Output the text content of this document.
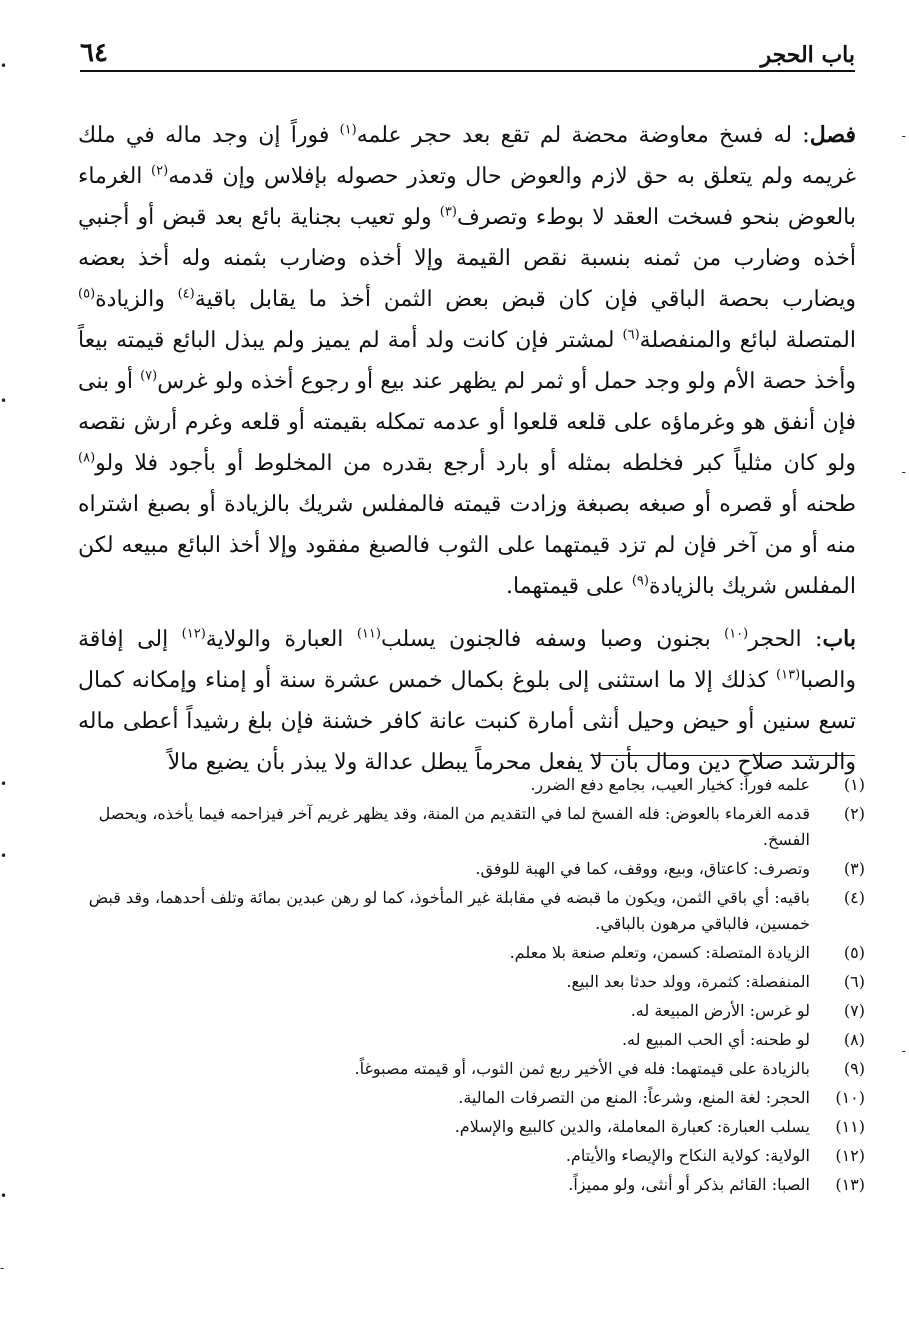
•
-
•
-
•
•
-
•
-
٦٤	باب الحجر

فصل: له فسخ معاوضة محضة لم تقع بعد حجر علمه$^{(١)}$ فوراً إن وجد ماله في ملك غريمه ولم يتعلق به حق لازم والعوض حال وتعذر حصوله بإفلاس وإن قدمه$^{(٢)}$ الغرماء بالعوض بنحو فسخت العقد لا بوطء وتصرف$^{(٣)}$ ولو تعيب بجناية بائع بعد قبض أو أجنبي أخذه وضارب من ثمنه بنسبة نقص القيمة وإلا أخذه وضارب بثمنه وله أخذ بعضه ويضارب بحصة الباقي فإن كان قبض بعض الثمن أخذ ما يقابل باقية$^{(٤)}$ والزيادة$^{(٥)}$ المتصلة لبائع والمنفصلة$^{(٦)}$ لمشتر فإن كانت ولد أمة لم يميز ولم يبذل البائع قيمته بيعاً وأخذ حصة الأم ولو وجد حمل أو ثمر لم يظهر عند بيع أو رجوع أخذه ولو غرس$^{(٧)}$ أو بنى فإن أنفق هو وغرماؤه على قلعه قلعوا أو عدمه تمكله بقيمته أو قلعه وغرم أرش نقصه ولو كان مثلياً كبر فخلطه بمثله أو بارد أرجع بقدره من المخلوط أو بأجود فلا ولو$^{(٨)}$ طحنه أو قصره أو صبغه بصبغة وزادت قيمته فالمفلس شريك بالزيادة أو بصبغ اشتراه منه أو من آخر فإن لم تزد قيمتهما على الثوب فالصبغ مفقود وإلا أخذ البائع مبيعه لكن المفلس شريك بالزيادة$^{(٩)}$ على قيمتهما.

باب: الحجر$^{(١٠)}$ بجنون وصبا وسفه فالجنون يسلب$^{(١١)}$ العبارة والولاية$^{(١٢)}$ إلى إفاقة والصبا$^{(١٣)}$ كذلك إلا ما استثنى إلى بلوغ بكمال خمس عشرة سنة أو إمناء وإمكانه كمال تسع سنين أو حيض وحيل أنثى أمارة كنبت عانة كافر خشنة فإن بلغ رشيداً أعطى ماله والرشد صلاح دين ومال بأن لا يفعل محرماً يبطل عدالة ولا يبذر بأن يضيع مالاً

(١)
علمه فوراً: كخيار العيب، بجامع دفع الضرر.
(٢)
قدمه الغرماء بالعوض: فله الفسخ لما في التقديم من المنة، وقد يظهر غريم آخر فيزاحمه فيما يأخذه، ويحصل الفسخ.
(٣)
وتصرف: كاعتاق، وبيع، ووقف، كما في الهبة للوفق.
(٤)
باقيه: أي باقي الثمن، ويكون ما قبضه في مقابلة غير المأخوذ، كما لو رهن عبدين بمائة وتلف أحدهما، وقد قبض خمسين، فالباقي مرهون بالباقي.
(٥)
الزيادة المتصلة: كسمن، وتعلم صنعة بلا معلم.
(٦)
المنفصلة: كثمرة، وولد حدثا بعد البيع.
(٧)
لو غرس: الأرض المبيعة له.
(٨)
لو طحنه: أي الحب المبيع له.
(٩)
بالزيادة على قيمتهما: فله في الأخير ربع ثمن الثوب، أو قيمته مصبوغاً.
(١٠)
الحجر: لغة المنع، وشرعاً: المنع من التصرفات المالية.
(١١)
يسلب العبارة: كعبارة المعاملة، والدين كالبيع والإسلام.
(١٢)
الولاية: كولاية النكاح والإيصاء والأيتام.
(١٣)
الصبا: القائم بذكر أو أنثى، ولو مميزاً.
